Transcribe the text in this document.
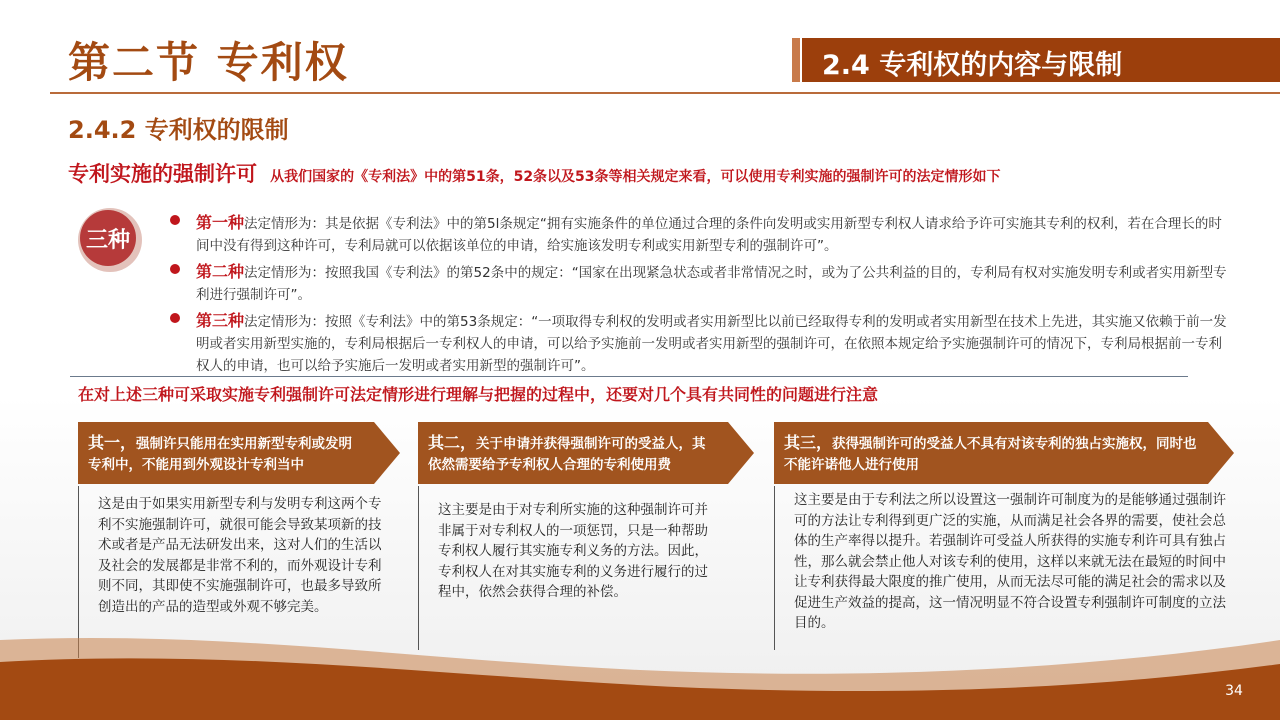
第二节 专利权	2.4 专利权的内容与限制
2.4.2 专利权的限制
专利实施的强制许可 从我们国家的《专利法》中的第51条，52条以及53条等相关规定来看，可以使用专利实施的强制许可的法定情形如下
三种
第一种法定情形为：其是依据《专利法》中的第5l条规定“拥有实施条件的单位通过合理的条件向发明或实用新型专利权人请求给予许可实施其专利的权利，若在合理长的时间中没有得到这种许可，专利局就可以依据该单位的申请，给实施该发明专利或实用新型专利的强制许可”。
第二种法定情形为：按照我国《专利法》的第52条中的规定：“国家在出现紧急状态或者非常情况之时，或为了公共利益的目的，专利局有权对实施发明专利或者实用新型专利进行强制许可”。
第三种法定情形为：按照《专利法》中的第53条规定：“一项取得专利权的发明或者实用新型比以前已经取得专利的发明或者实用新型在技术上先进，其实施又依赖于前一发明或者实用新型实施的，专利局根据后一专利权人的申请，可以给予实施前一发明或者实用新型的强制许可，在依照本规定给予实施强制许可的情况下，专利局根据前一专利权人的申请，也可以给予实施后一发明或者实用新型的强制许可”。
在对上述三种可采取实施专利强制许可法定情形进行理解与把握的过程中，还要对几个具有共同性的问题进行注意
其一，强制许只能用在实用新型专利或发明专利中，不能用到外观设计专利当中
这是由于如果实用新型专利与发明专利这两个专利不实施强制许可，就很可能会导致某项新的技术或者是产品无法研发出来，这对人们的生活以及社会的发展都是非常不利的，而外观设计专利则不同，其即使不实施强制许可，也最多导致所创造出的产品的造型或外观不够完美。
其二，关于申请并获得强制许可的受益人，其依然需要给予专利权人合理的专利使用费
这主要是由于对专利所实施的这种强制许可并非属于对专利权人的一项惩罚，只是一种帮助专利权人履行其实施专利义务的方法。因此，专利权人在对其实施专利的义务进行履行的过程中，依然会获得合理的补偿。
其三，获得强制许可的受益人不具有对该专利的独占实施权，同时也不能许诺他人进行使用
这主要是由于专利法之所以设置这一强制许可制度为的是能够通过强制许可的方法让专利得到更广泛的实施，从而满足社会各界的需要，使社会总体的生产率得以提升。若强制许可受益人所获得的实施专利许可具有独占性，那么就会禁止他人对该专利的使用，这样以来就无法在最短的时间中让专利获得最大限度的推广使用，从而无法尽可能的满足社会的需求以及促进生产效益的提高，这一情况明显不符合设置专利强制许可制度的立法目的。
34
